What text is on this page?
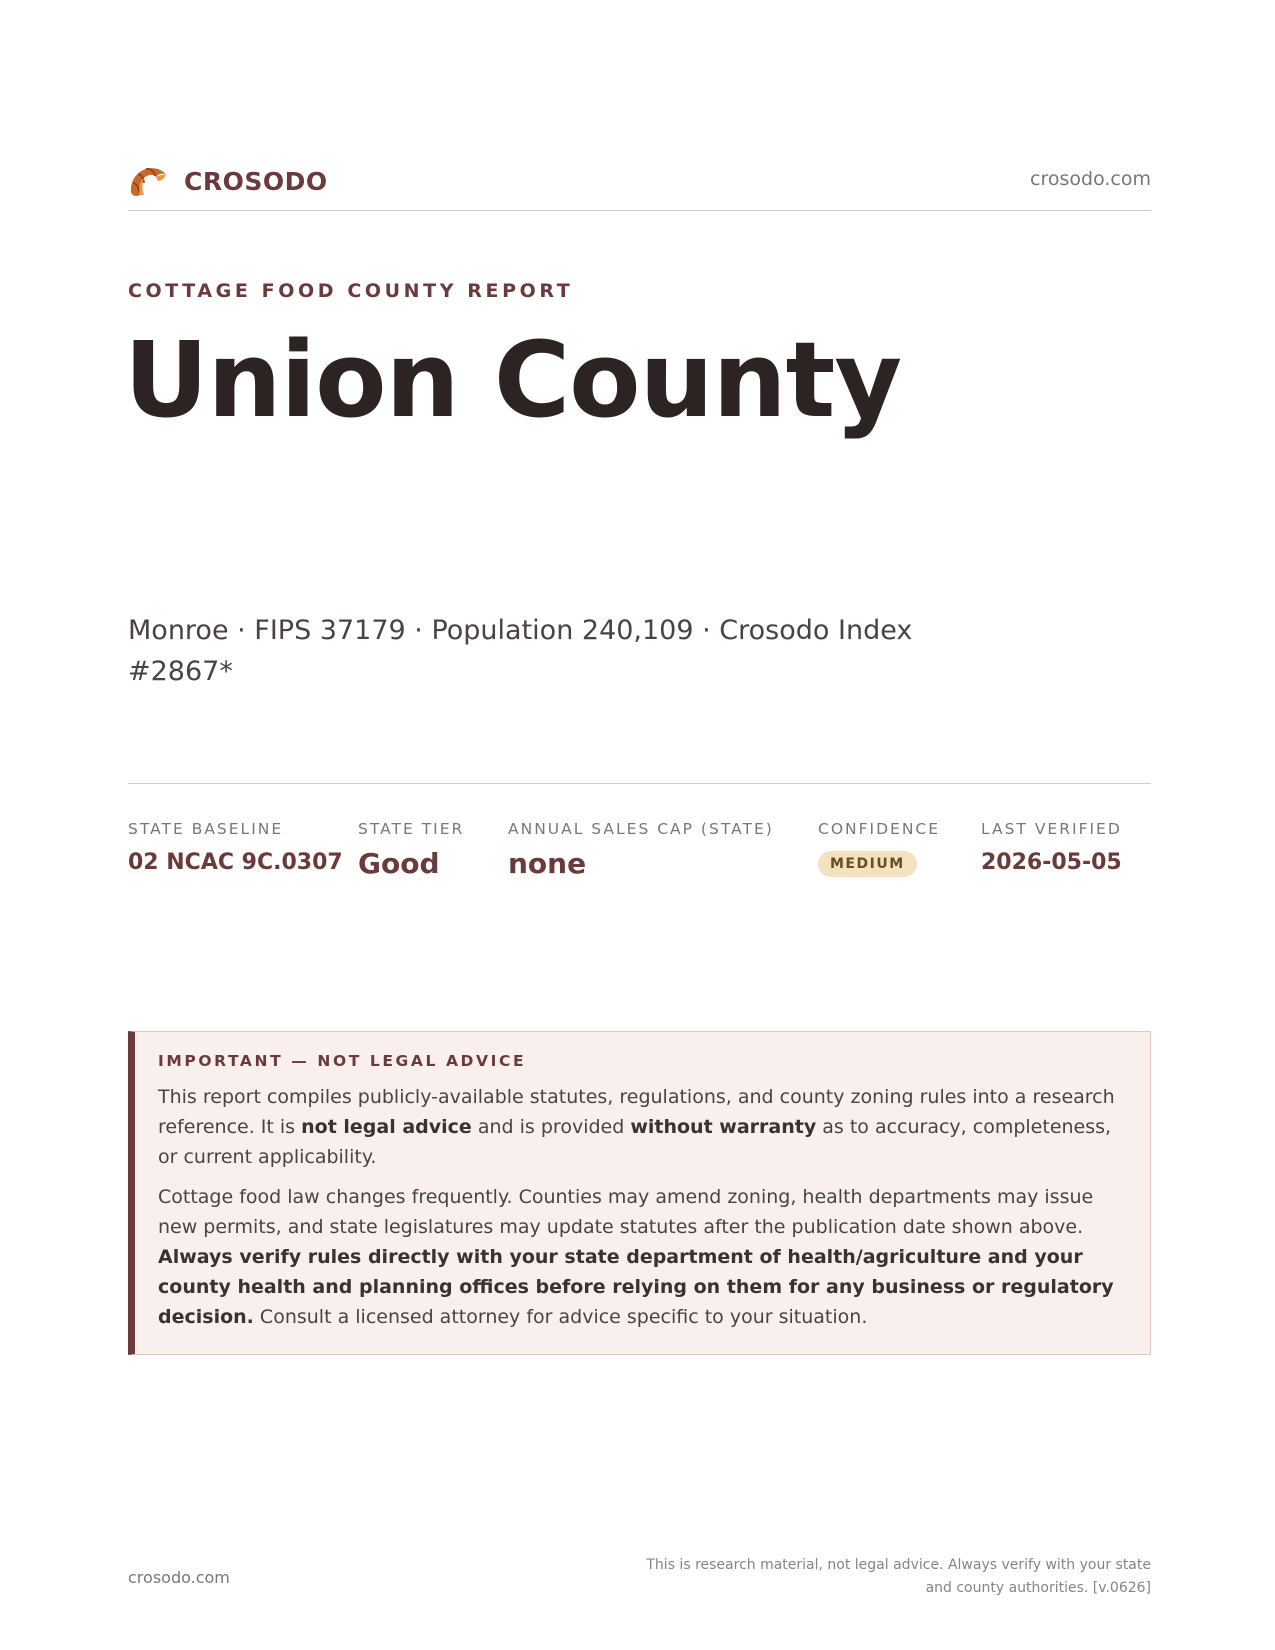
CROSODO	crosodo.com
COTTAGE FOOD COUNTY REPORT
Union County
Monroe · FIPS 37179 · Population 240,109 · Crosodo Index #2867*
STATE BASELINE
02 NCAC 9C.0307
STATE TIER
Good
ANNUAL SALES CAP (STATE)
none
CONFIDENCE
MEDIUM
LAST VERIFIED
2026-05-05
IMPORTANT — NOT LEGAL ADVICE

This report compiles publicly-available statutes, regulations, and county zoning rules into a research reference. It is not legal advice and is provided without warranty as to accuracy, completeness, or current applicability.

Cottage food law changes frequently. Counties may amend zoning, health departments may issue new permits, and state legislatures may update statutes after the publication date shown above. Always verify rules directly with your state department of health/agriculture and your county health and planning offices before relying on them for any business or regulatory decision. Consult a licensed attorney for advice specific to your situation.

crosodo.com
This is research material, not legal advice. Always verify with your state
and county authorities. [v.0626]
